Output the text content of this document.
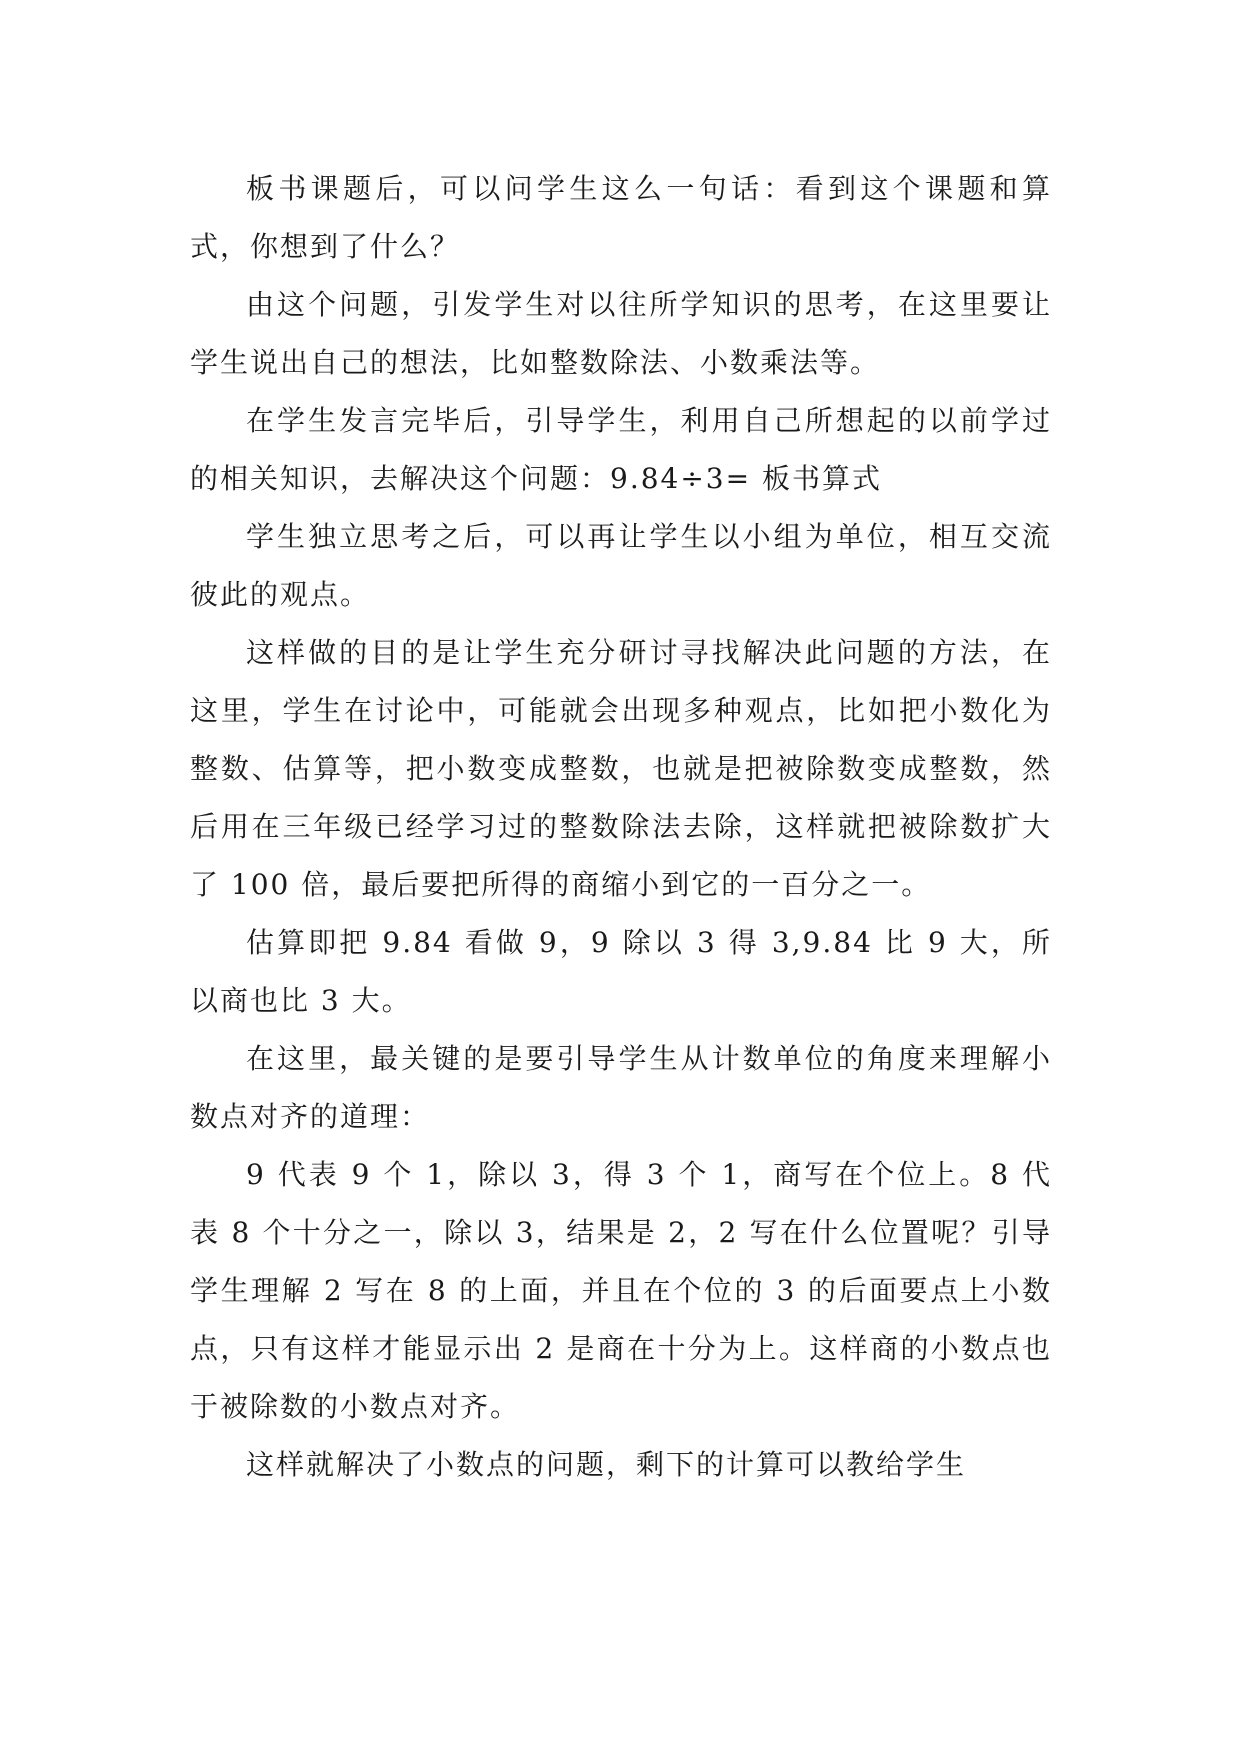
板书课题后，可以问学生这么一句话：看到这个课题和算式，你想到了什么？

由这个问题，引发学生对以往所学知识的思考，在这里要让学生说出自己的想法，比如整数除法、小数乘法等。

在学生发言完毕后，引导学生，利用自己所想起的以前学过的相关知识，去解决这个问题：9.84÷3= 板书算式

学生独立思考之后，可以再让学生以小组为单位，相互交流彼此的观点。

这样做的目的是让学生充分研讨寻找解决此问题的方法，在这里，学生在讨论中，可能就会出现多种观点，比如把小数化为整数、估算等，把小数变成整数，也就是把被除数变成整数，然后用在三年级已经学习过的整数除法去除，这样就把被除数扩大了 100 倍，最后要把所得的商缩小到它的一百分之一。

估算即把 9.84 看做 9，9 除以 3 得 3,9.84 比 9 大，所以商也比 3 大。

在这里，最关键的是要引导学生从计数单位的角度来理解小数点对齐的道理：

9 代表 9 个 1，除以 3，得 3 个 1，商写在个位上。8 代表 8 个十分之一，除以 3，结果是 2，2 写在什么位置呢？引导学生理解 2 写在 8 的上面，并且在个位的 3 的后面要点上小数点，只有这样才能显示出 2 是商在十分为上。这样商的小数点也于被除数的小数点对齐。

这样就解决了小数点的问题，剩下的计算可以教给学生
